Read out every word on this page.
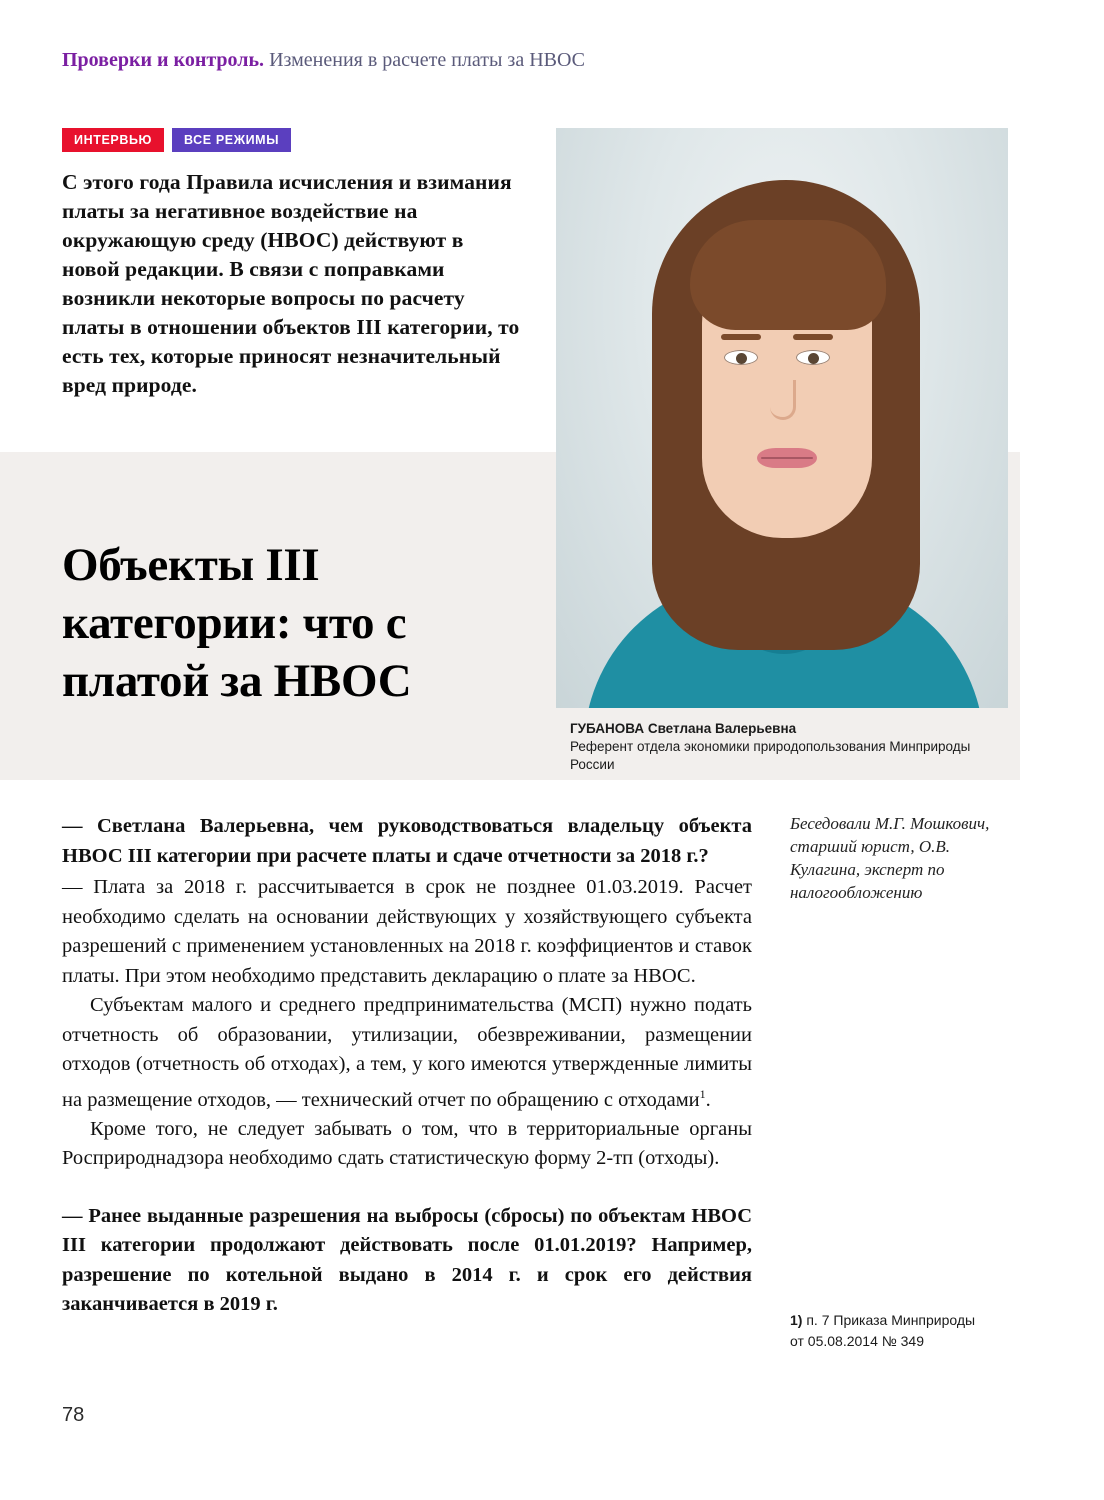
Проверки и контроль. Изменения в расчете платы за НВОС
ИНТЕРВЬЮ	ВСЕ РЕЖИМЫ
С этого года Правила исчисления и взимания платы за негативное воздействие на окружающую среду (НВОС) действуют в новой редакции. В связи с поправками возникли некоторые вопросы по расчету платы в отношении объектов III категории, то есть тех, которые приносят незначительный вред природе.
Объекты III категории: что с платой за НВОС
ГУБАНОВА Светлана Валерьевна
Референт отдела экономики природопользования Минприроды России

— Светлана Валерьевна, чем руководствоваться владельцу объекта НВОС III категории при расчете платы и сдаче отчетности за 2018 г.?

— Плата за 2018 г. рассчитывается в срок не позднее 01.03.2019. Расчет необходимо сделать на основании действующих у хозяйствующего субъекта разрешений с применением установленных на 2018 г. коэффициентов и ставок платы. При этом необходимо представить декларацию о плате за НВОС.

Субъектам малого и среднего предпринимательства (МСП) нужно подать отчетность об образовании, утилизации, обезвреживании, размещении отходов (отчетность об отходах), а тем, у кого имеются утвержденные лимиты на размещение отходов, — технический отчет по обращению с отходами$^1$.

Кроме того, не следует забывать о том, что в территориальные органы Росприроднадзора необходимо сдать статистическую форму 2-тп (отходы).

— Ранее выданные разрешения на выбросы (сбросы) по объектам НВОС III категории продолжают действовать после 01.01.2019? Например, разрешение по котельной выдано в 2014 г. и срок его действия заканчивается в 2019 г.

Беседовали М.Г. Мошкович, старший юрист, О.В. Кулагина, эксперт по налогообложению
1) п. 7 Приказа Минприроды
от 05.08.2014 № 349
78
